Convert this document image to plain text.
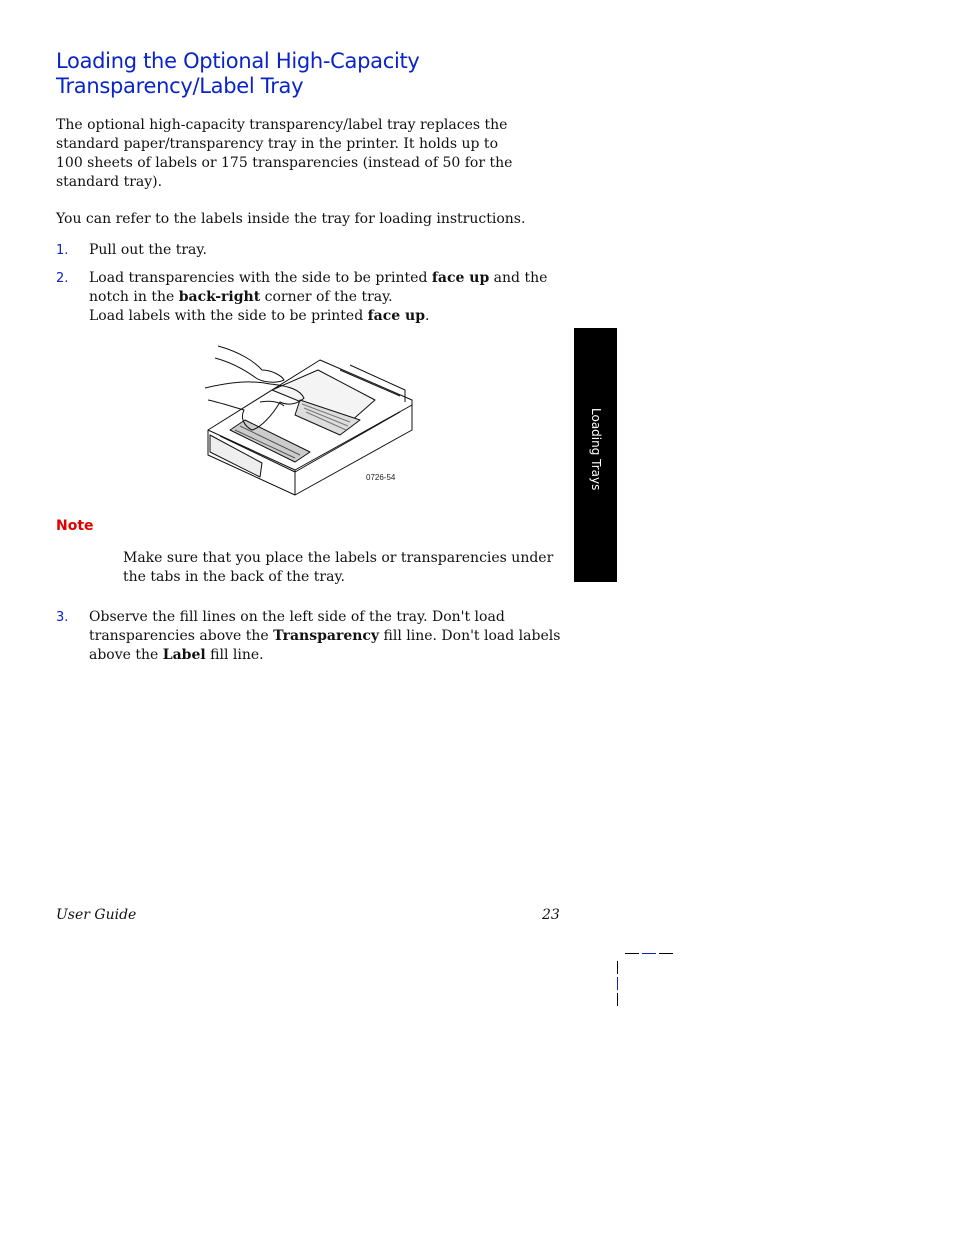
Loading the Optional High-Capacity
Transparency/Label Tray

The optional high-capacity transparency/label tray replaces the
standard paper/transparency tray in the printer. It holds up to
100 sheets of labels or 175 transparencies (instead of 50 for the
standard tray).

You can refer to the labels inside the tray for loading instructions.

1. Pull out the tray.
2. Load transparencies with the side to be printed face up and the
notch in the back-right corner of the tray.
Load labels with the side to be printed face up.
0726-54
Note
Make sure that you place the labels or transparencies under
the tabs in the back of the tray.
3. Observe the fill lines on the left side of the tray. Don't load
transparencies above the Transparency fill line. Don't load labels
above the Label fill line.
Loading Trays
User Guide	23
